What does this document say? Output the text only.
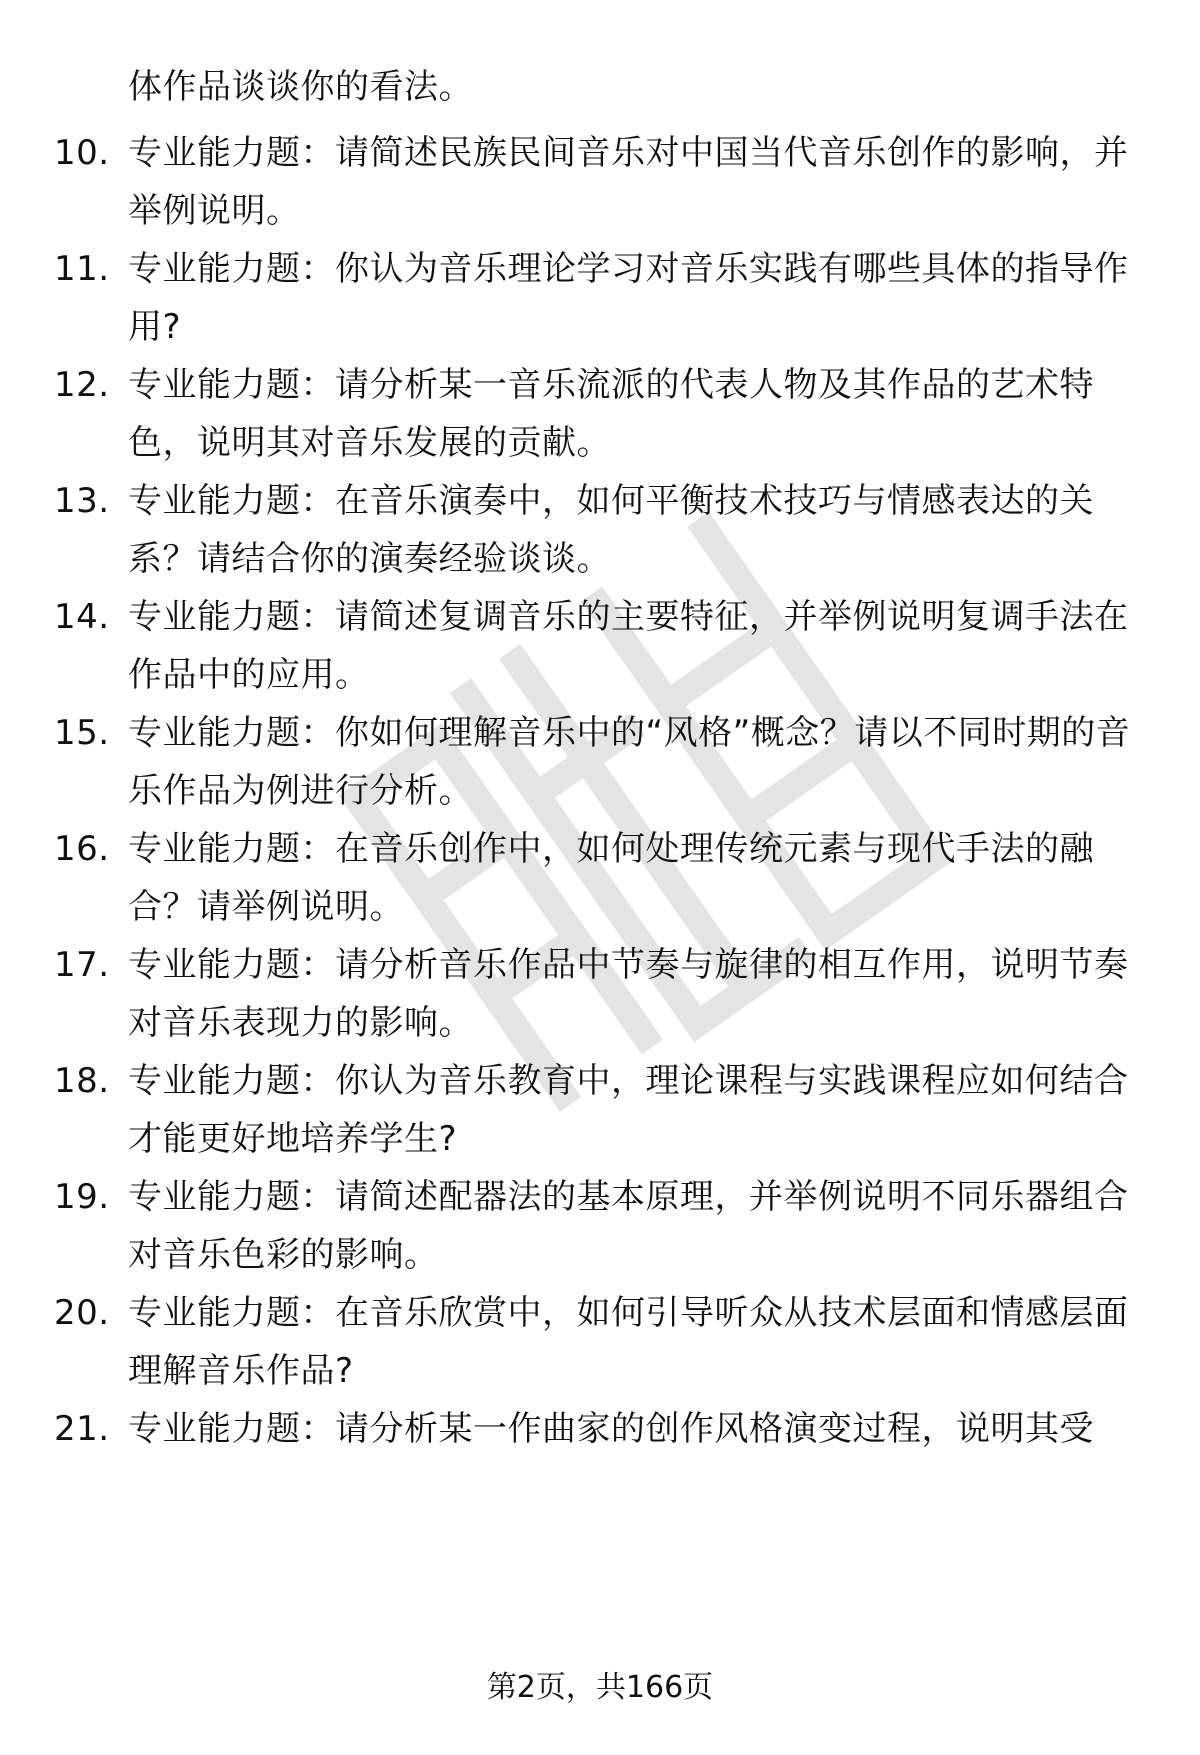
体作品谈谈你的看法。
10. 专业能力题：请简述民族民间音乐对中国当代音乐创作的影响，并举例说明。
11. 专业能力题：你认为音乐理论学习对音乐实践有哪些具体的指导作用?
12. 专业能力题：请分析某一音乐流派的代表人物及其作品的艺术特色，说明其对音乐发展的贡献。
13. 专业能力题：在音乐演奏中，如何平衡技术技巧与情感表达的关系？请结合你的演奏经验谈谈。
14. 专业能力题：请简述复调音乐的主要特征，并举例说明复调手法在作品中的应用。
15. 专业能力题：你如何理解音乐中的“风格”概念？请以不同时期的音乐作品为例进行分析。
16. 专业能力题：在音乐创作中，如何处理传统元素与现代手法的融合？请举例说明。
17. 专业能力题：请分析音乐作品中节奏与旋律的相互作用，说明节奏对音乐表现力的影响。
18. 专业能力题：你认为音乐教育中，理论课程与实践课程应如何结合才能更好地培养学生?
19. 专业能力题：请简述配器法的基本原理，并举例说明不同乐器组合对音乐色彩的影响。
20. 专业能力题：在音乐欣赏中，如何引导听众从技术层面和情感层面理解音乐作品?
21. 专业能力题：请分析某一作曲家的创作风格演变过程，说明其受
第2页，共166页
